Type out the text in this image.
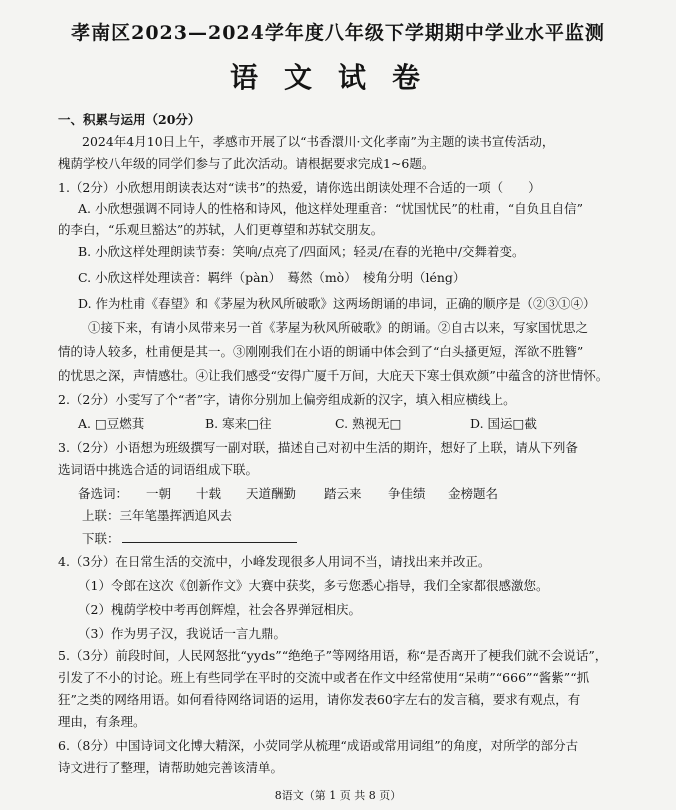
孝南区2023—2024学年度八年级下学期期中学业水平监测
语文试卷
一、积累与运用（20分）
2024年4月10日上午，孝感市开展了以“书香澴川·文化孝南”为主题的读书宣传活动，
槐荫学校八年级的同学们参与了此次活动。请根据要求完成1~6题。
1.（2分）小欣想用朗读表达对“读书”的热爱，请你选出朗读处理不合适的一项（　　）
A. 小欣想强调不同诗人的性格和诗风，他这样处理重音：“忧国忧民”的杜甫，“自负且自信”
的李白，“乐观旦豁达”的苏轼，人们更尊望和苏轼交朋友。
B. 小欣这样处理朗读节奏：笑响/点亮了/四面风；轻灵/在春的光艳中/交舞着变。
C. 小欣这样处理读音：羁绊（pàn）　蓦然（mò）　棱角分明（léng）
D. 作为杜甫《春望》和《茅屋为秋风所破歌》这两场朗诵的串词，正确的顺序是（②③①④）
①接下来，有请小凤带来另一首《茅屋为秋风所破歌》的朗诵。②自古以来，写家国忧思之
情的诗人较多，杜甫便是其一。③刚刚我们在小语的朗诵中体会到了“白头搔更短，浑欲不胜簪”
的忧思之深，声情感壮。④让我们感受“安得广厦千万间，大庇天下寒士俱欢颜”中蕴含的济世情怀。
2.（2分）小雯写了个“者”字，请你分别加上偏旁组成新的汉字，填入相应横线上。
A. □豆燃萁	B. 寒来□往	C. 熟视无□	D. 国运□截
3.（2分）小语想为班级撰写一副对联，描述自己对初中生活的期许，想好了上联，请从下列备
选词语中挑选合适的词语组成下联。
备选词： 一朝 十载 天道酬勤 踏云来 争佳绩 金榜题名
上联：三年笔墨挥洒追风去
下联：
4.（3分）在日常生活的交流中，小峰发现很多人用词不当，请找出来并改正。
（1）令郎在这次《创新作文》大赛中获奖，多亏您悉心指导，我们全家都很感激您。
（2）槐荫学校中考再创辉煌，社会各界弹冠相庆。
（3）作为男子汉，我说话一言九鼎。
5.（3分）前段时间，人民网怒批“yyds”“绝绝子”等网络用语，称“是否离开了梗我们就不会说话”，
引发了不小的讨论。班上有些同学在平时的交流中或者在作文中经常使用“呆萌”“666”“酱紫”“抓
狂”之类的网络用语。如何看待网络词语的运用，请你发表60字左右的发言稿，要求有观点，有
理由，有条理。
6.（8分）中国诗词文化博大精深，小荧同学从梳理“成语或常用词组”的角度，对所学的部分古
诗文进行了整理，请帮助她完善该清单。
8语文（第 1 页 共 8 页）
